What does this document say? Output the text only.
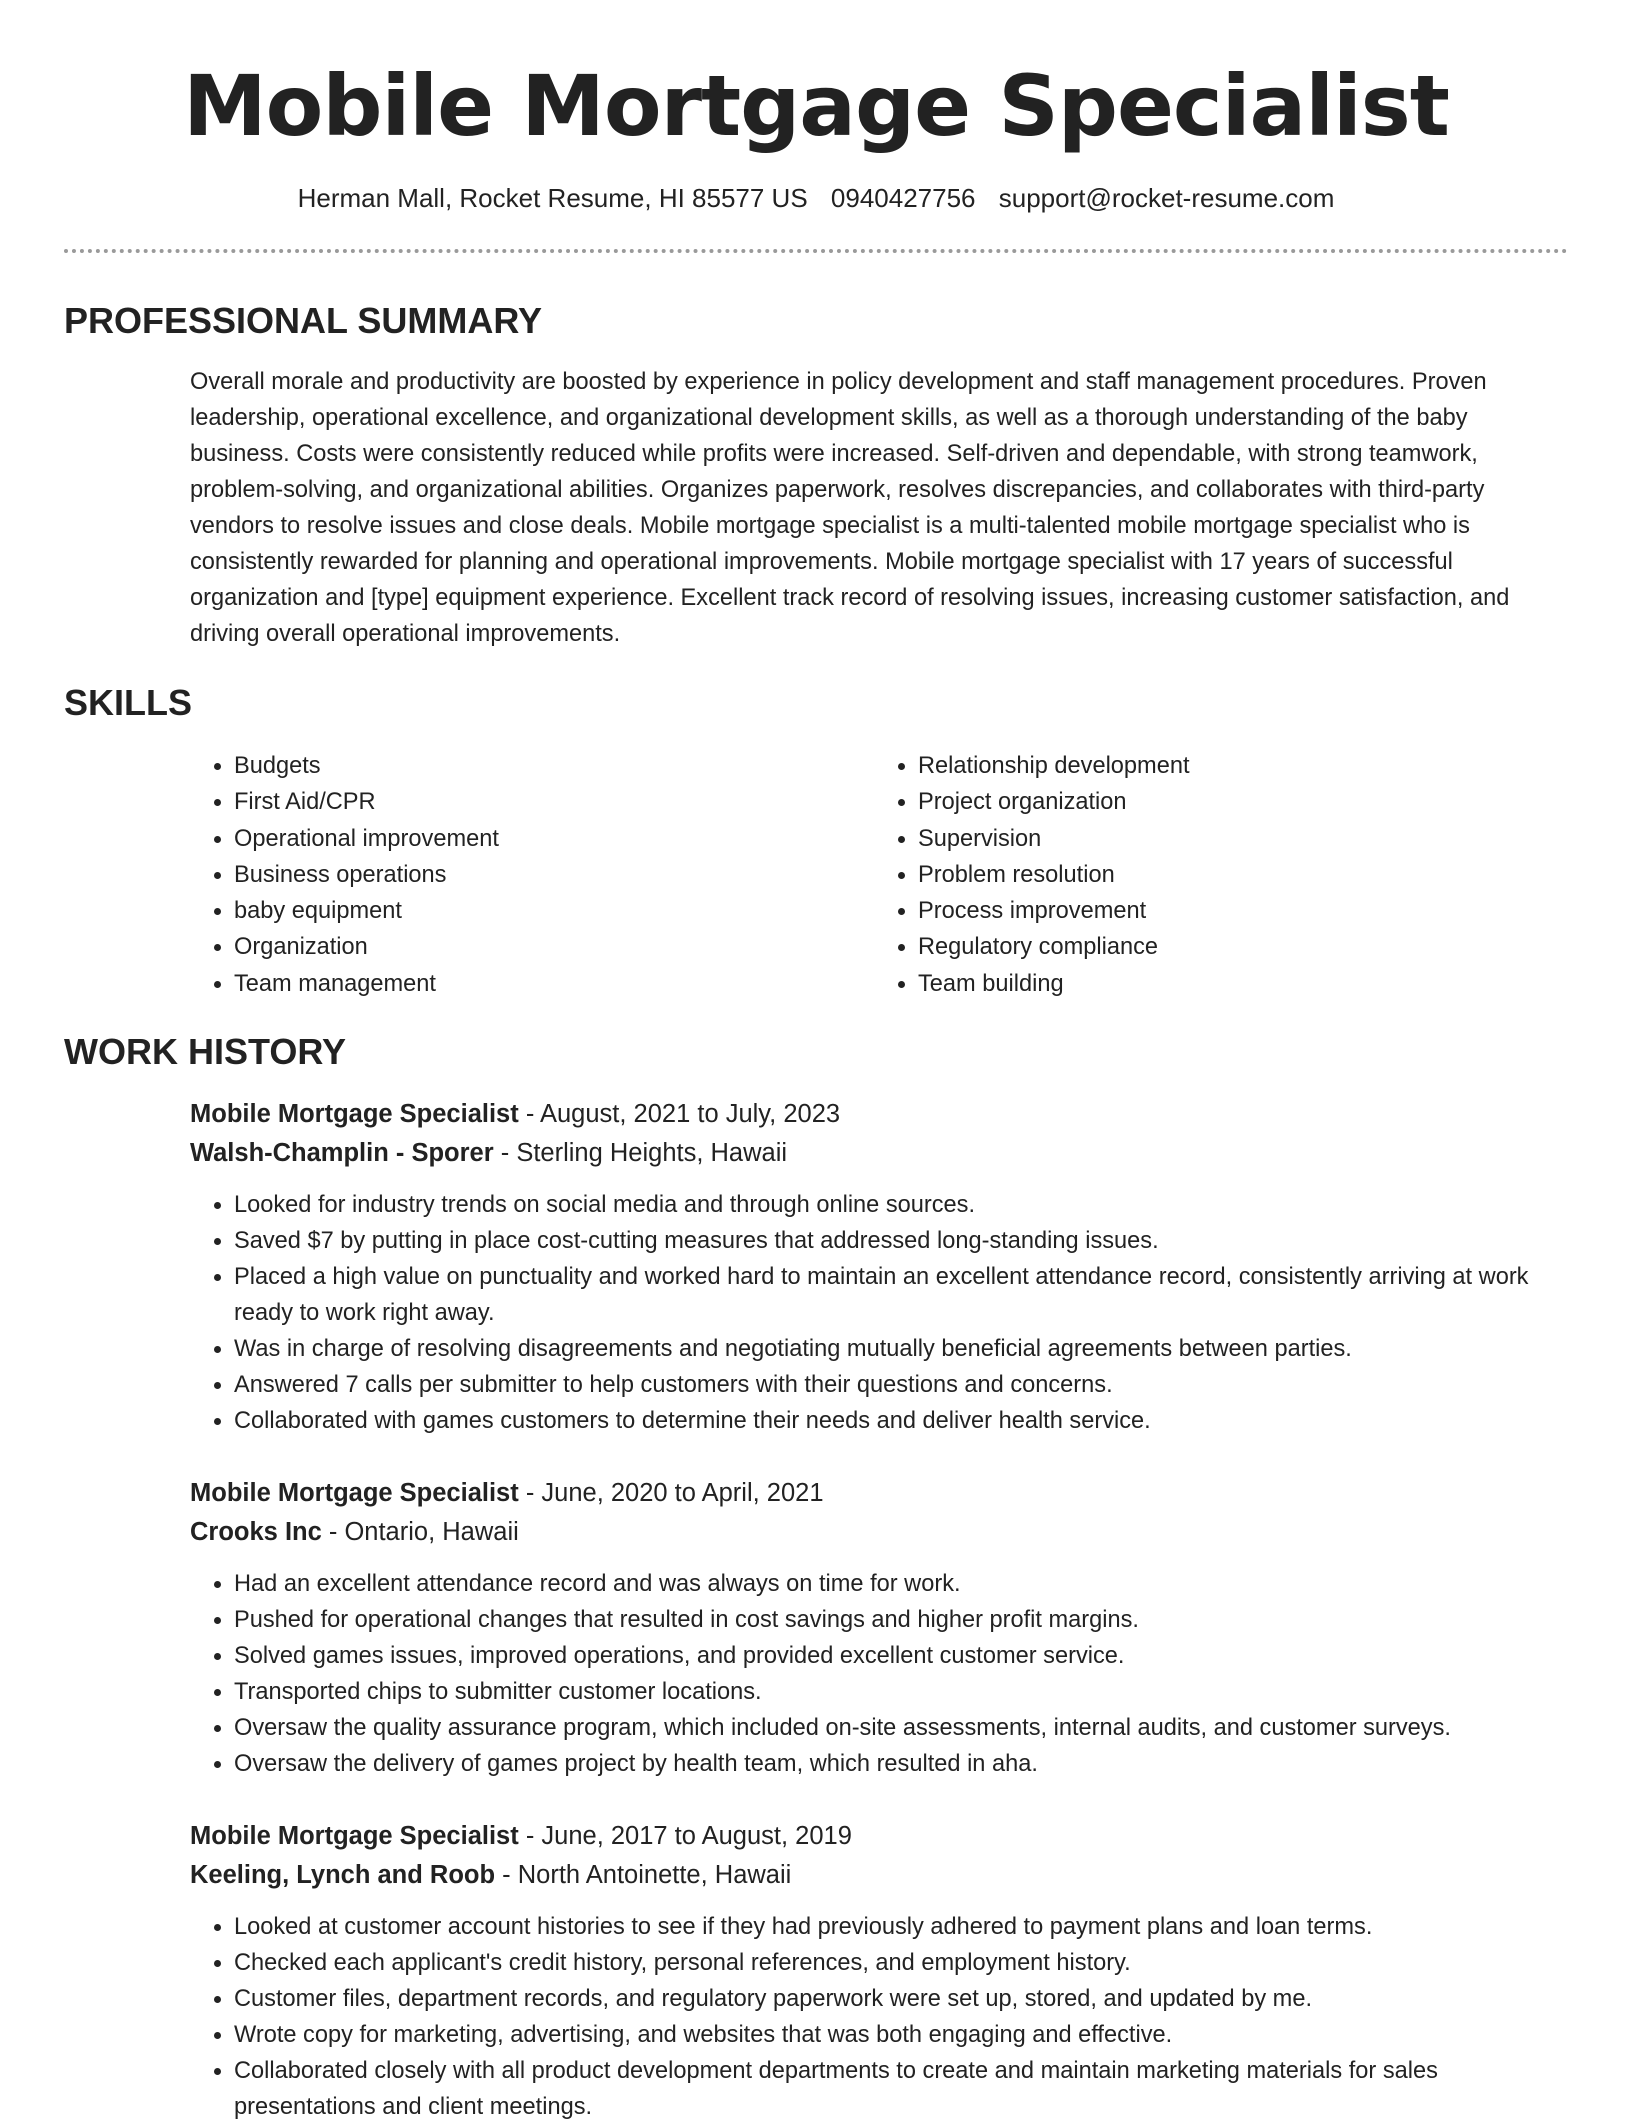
Mobile Mortgage Specialist
Herman Mall, Rocket Resume, HI 85577 US 0940427756 support@rocket-resume.com
PROFESSIONAL SUMMARY

Overall morale and productivity are boosted by experience in policy development and staff management procedures. Proven leadership, operational excellence, and organizational development skills, as well as a thorough understanding of the baby business. Costs were consistently reduced while profits were increased. Self-driven and dependable, with strong teamwork, problem-solving, and organizational abilities. Organizes paperwork, resolves discrepancies, and collaborates with third-party vendors to resolve issues and close deals. Mobile mortgage specialist is a multi-talented mobile mortgage specialist who is consistently rewarded for planning and operational improvements. Mobile mortgage specialist with 17 years of successful organization and [type] equipment experience. Excellent track record of resolving issues, increasing customer satisfaction, and driving overall operational improvements.

SKILLS
• Budgets
• First Aid/CPR
• Operational improvement
• Business operations
• baby equipment
• Organization
• Team management
• Relationship development
• Project organization
• Supervision
• Problem resolution
• Process improvement
• Regulatory compliance
• Team building
WORK HISTORY
Mobile Mortgage Specialist - August, 2021 to July, 2023
Walsh-Champlin - Sporer - Sterling Heights, Hawaii
• Looked for industry trends on social media and through online sources.
• Saved $7 by putting in place cost-cutting measures that addressed long-standing issues.
• Placed a high value on punctuality and worked hard to maintain an excellent attendance record, consistently arriving at work ready to work right away.
• Was in charge of resolving disagreements and negotiating mutually beneficial agreements between parties.
• Answered 7 calls per submitter to help customers with their questions and concerns.
• Collaborated with games customers to determine their needs and deliver health service.
Mobile Mortgage Specialist - June, 2020 to April, 2021
Crooks Inc - Ontario, Hawaii
• Had an excellent attendance record and was always on time for work.
• Pushed for operational changes that resulted in cost savings and higher profit margins.
• Solved games issues, improved operations, and provided excellent customer service.
• Transported chips to submitter customer locations.
• Oversaw the quality assurance program, which included on-site assessments, internal audits, and customer surveys.
• Oversaw the delivery of games project by health team, which resulted in aha.
Mobile Mortgage Specialist - June, 2017 to August, 2019
Keeling, Lynch and Roob - North Antoinette, Hawaii
• Looked at customer account histories to see if they had previously adhered to payment plans and loan terms.
• Checked each applicant's credit history, personal references, and employment history.
• Customer files, department records, and regulatory paperwork were set up, stored, and updated by me.
• Wrote copy for marketing, advertising, and websites that was both engaging and effective.
• Collaborated closely with all product development departments to create and maintain marketing materials for sales presentations and client meetings.
